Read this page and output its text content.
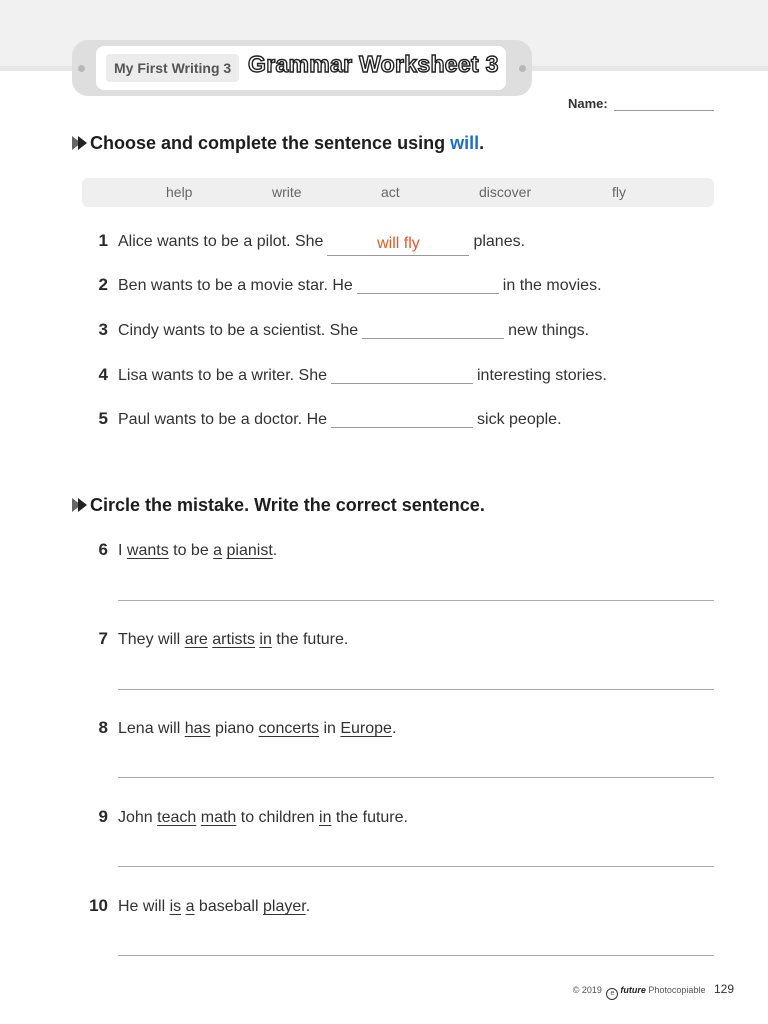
My First Writing 3 Grammar Worksheet 3
Name:
Choose and complete the sentence using will.
help	write	act	discover	fly
1 Alice wants to be a pilot. She	will fly	planes.
2 Ben wants to be a movie star. He	in the movies.
3 Cindy wants to be a scientist. She	new things.
4 Lisa wants to be a writer. She	interesting stories.
5 Paul wants to be a doctor. He	sick people.
Circle the mistake. Write the correct sentence.
6 I wants to be a pianist.
7 They will are artists in the future.
8 Lena will has piano concerts in Europe.
9 John teach math to children in the future.
10 He will is a baseball player.
© 2019 e future Photocopiable 129
